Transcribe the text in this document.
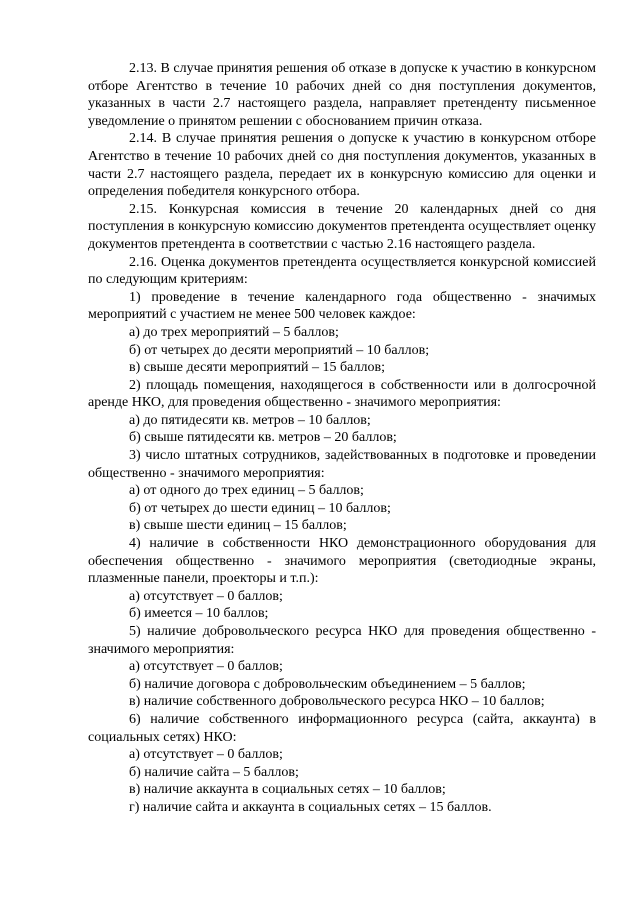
2.13. В случае принятия решения об отказе в допуске к участию в конкурсном отборе Агентство в течение 10 рабочих дней со дня поступления документов, указанных в части 2.7 настоящего раздела, направляет претенденту письменное уведомление о принятом решении с обоснованием причин отказа.

2.14. В случае принятия решения о допуске к участию в конкурсном отборе Агентство в течение 10 рабочих дней со дня поступления документов, указанных в части 2.7 настоящего раздела, передает их в конкурсную комиссию для оценки и определения победителя конкурсного отбора.

2.15. Конкурсная комиссия в течение 20 календарных дней со дня поступления в конкурсную комиссию документов претендента осуществляет оценку документов претендента в соответствии с частью 2.16 настоящего раздела.

2.16. Оценка документов претендента осуществляется конкурсной комиссией по следующим критериям:

1) проведение в течение календарного года общественно - значимых мероприятий с участием не менее 500 человек каждое:

а) до трех мероприятий – 5 баллов;

б) от четырех до десяти мероприятий – 10 баллов;

в) свыше десяти мероприятий – 15 баллов;

2) площадь помещения, находящегося в собственности или в долгосрочной аренде НКО, для проведения общественно - значимого мероприятия:

а) до пятидесяти кв. метров – 10 баллов;

б) свыше пятидесяти кв. метров – 20 баллов;

3) число штатных сотрудников, задействованных в подготовке и проведении общественно - значимого мероприятия:

а) от одного до трех единиц – 5 баллов;

б) от четырех до шести единиц – 10 баллов;

в) свыше шести единиц – 15 баллов;

4) наличие в собственности НКО демонстрационного оборудования для обеспечения общественно - значимого мероприятия (светодиодные экраны, плазменные панели, проекторы и т.п.):

а) отсутствует – 0 баллов;

б) имеется – 10 баллов;

5) наличие добровольческого ресурса НКО для проведения общественно - значимого мероприятия:

а) отсутствует – 0 баллов;

б) наличие договора с добровольческим объединением – 5 баллов;

в) наличие собственного добровольческого ресурса НКО – 10 баллов;

6) наличие собственного информационного ресурса (сайта, аккаунта) в социальных сетях) НКО:

а) отсутствует – 0 баллов;

б) наличие сайта – 5 баллов;

в) наличие аккаунта в социальных сетях – 10 баллов;

г) наличие сайта и аккаунта в социальных сетях – 15 баллов.
